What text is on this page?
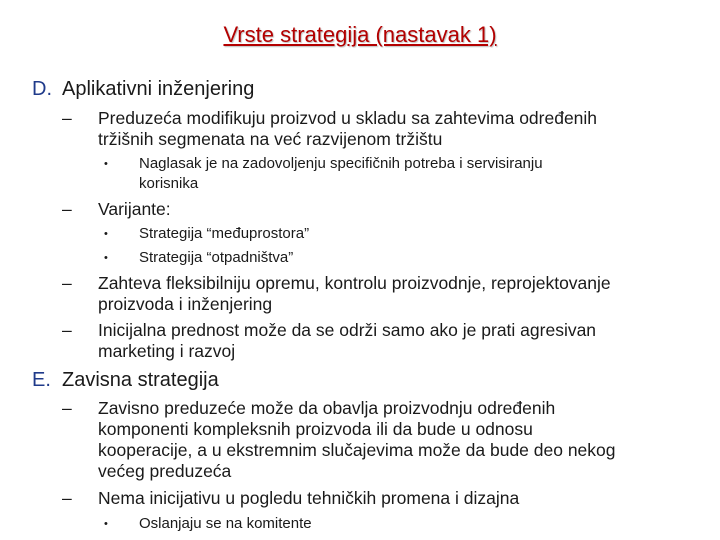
Vrste strategija (nastavak 1)
D. Aplikativni inženjering
– Preduzeća modifikuju proizvod u skladu sa zahtevima određenih
tržišnih segmenata na već razvijenom tržištu
• Naglasak je na zadovoljenju specifičnih potreba i servisiranju
korisnika
– Varijante:
• Strategija “međuprostora”
• Strategija “otpadništva”
– Zahteva fleksibilniju opremu, kontrolu proizvodnje, reprojektovanje
proizvoda i inženjering
– Inicijalna prednost može da se održi samo ako je prati agresivan
marketing i razvoj
E. Zavisna strategija
– Zavisno preduzeće može da obavlja proizvodnju određenih
komponenti kompleksnih proizvoda ili da bude u odnosu
kooperacije, a u ekstremnim slučajevima može da bude deo nekog
većeg preduzeća
– Nema inicijativu u pogledu tehničkih promena i dizajna
• Oslanjaju se na komitente
